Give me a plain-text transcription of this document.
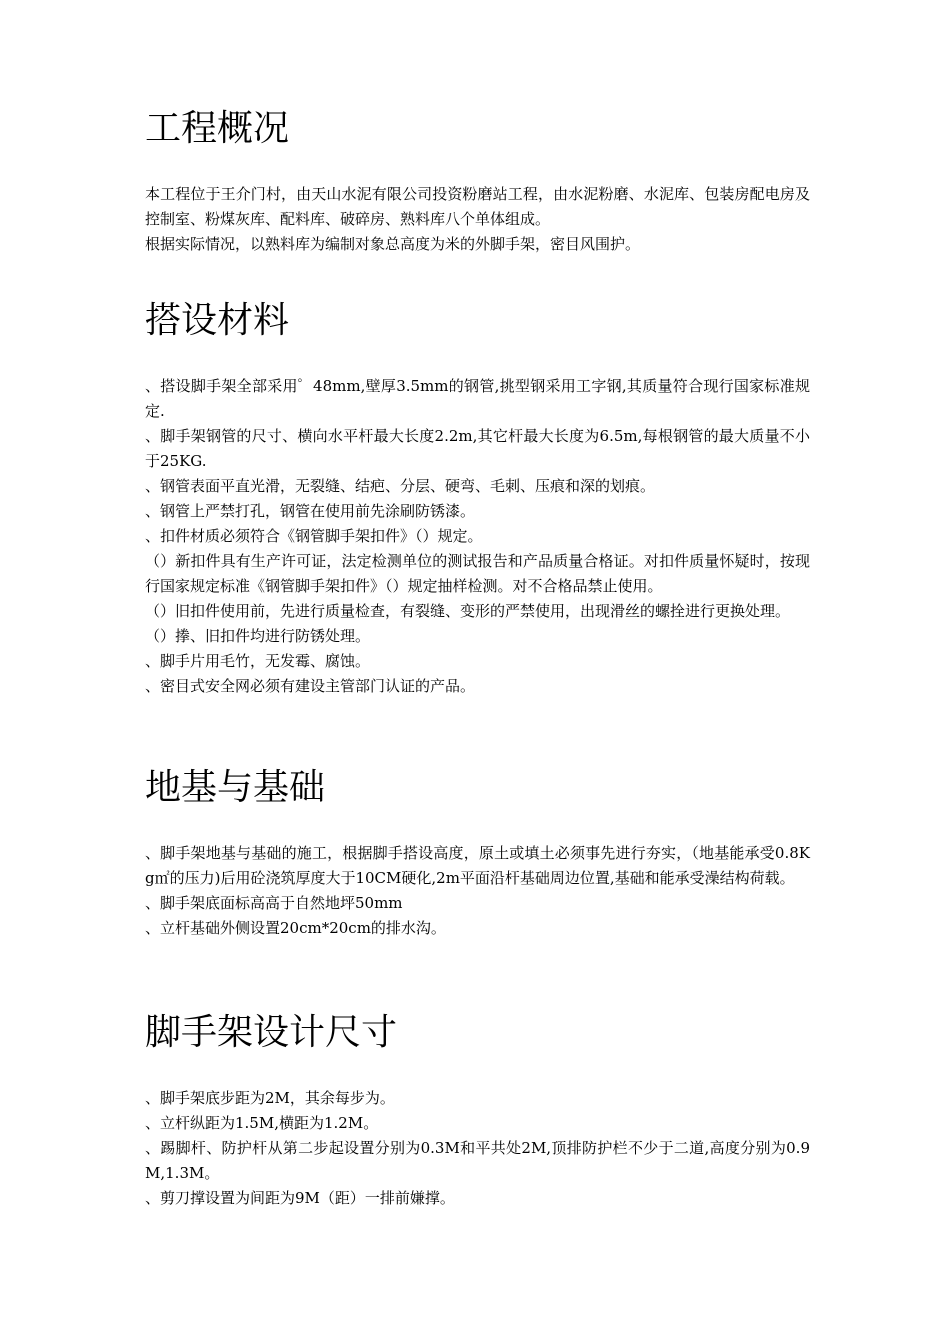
工程概况

本工程位于王介门村，由天山水泥有限公司投资粉磨站工程，由水泥粉磨、水泥库、包装房配电房及控制室、粉煤灰库、配料库、破碎房、熟料库八个单体组成。

根据实际情况，以熟料库为编制对象总高度为米的外脚手架，密目风围护。

搭设材料

、搭设脚手架全部采用゜48mm,壁厚3.5mm的钢管,挑型钢采用工字钢,其质量符合现行国家标准规定.

、脚手架钢管的尺寸、横向水平杆最大长度2.2m,其它杆最大长度为6.5m,每根钢管的最大质量不小于25KG.

、钢管表面平直光滑，无裂缝、结疤、分层、硬弯、毛刺、压痕和深的划痕。

、钢管上严禁打孔，钢管在使用前先涂刷防锈漆。

、扣件材质必须符合《钢管脚手架扣件》（）规定。

（）新扣件具有生产许可证，法定检测单位的测试报告和产品质量合格证。对扣件质量怀疑时，按现行国家规定标准《钢管脚手架扣件》（）规定抽样检测。对不合格品禁止使用。

（）旧扣件使用前，先进行质量检查，有裂缝、变形的严禁使用，出现滑丝的螺拴进行更换处理。

（）搼、旧扣件均进行防锈处理。

、脚手片用毛竹，无发霉、腐蚀。

、密目式安全网必须有建设主管部门认证的产品。

地基与基础

、脚手架地基与基础的施工，根据脚手搭设高度，原土或填土必须事先进行夯实，（地基能承受0.8Kg㎡的压力)后用砼浇筑厚度大于10CM硬化,2m平面沿杆基础周边位置,基础和能承受澡结构荷载。

、脚手架底面标高高于自然地坪50mm

、立杆基础外侧设置20cm*20cm的排水沟。

脚手架设计尺寸

、脚手架底步距为2M，其余每步为。

、立杆纵距为1.5M,横距为1.2M。

、踢脚杆、防护杆从第二步起设置分别为0.3M和平共处2M,顶排防护栏不少于二道,高度分别为0.9M,1.3M。

、剪刀撑设置为间距为9M（距）一排前嫌撑。
